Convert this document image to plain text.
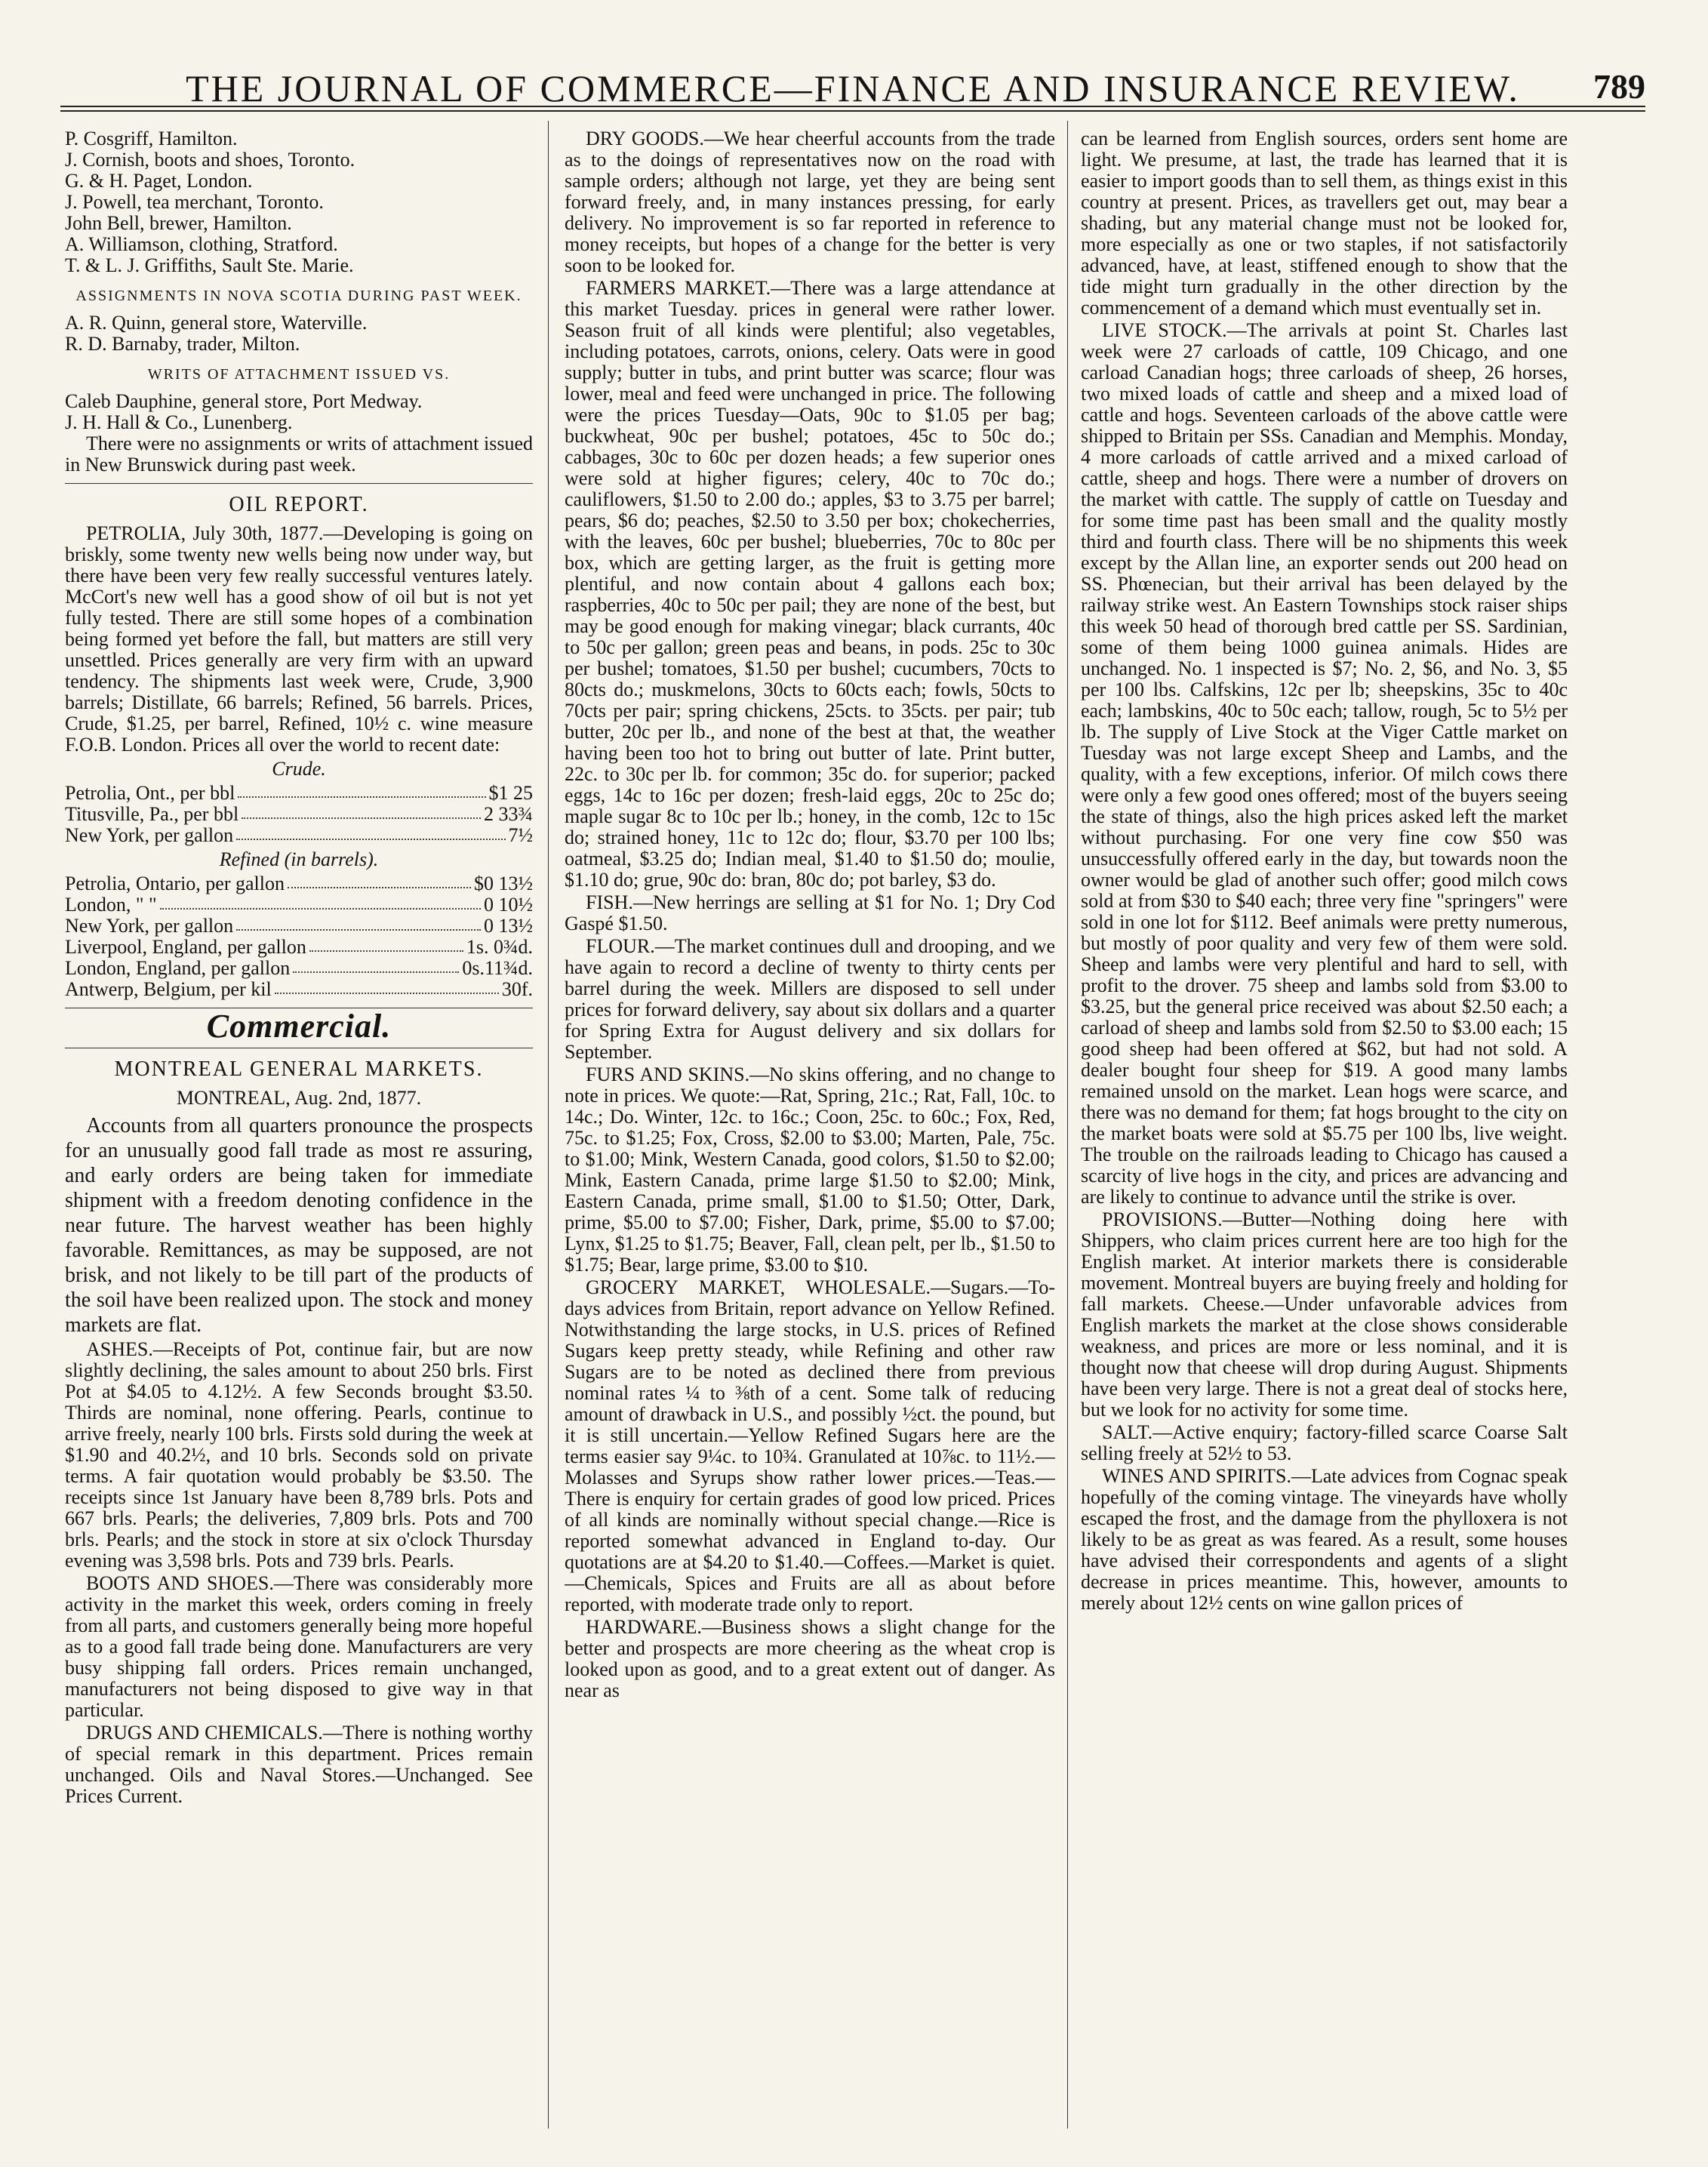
THE JOURNAL OF COMMERCE—FINANCE AND INSURANCE REVIEW.	789
P. Cosgriff, Hamilton.
J. Cornish, boots and shoes, Toronto.
G. & H. Paget, London.
J. Powell, tea merchant, Toronto.
John Bell, brewer, Hamilton.
A. Williamson, clothing, Stratford.
T. & L. J. Griffiths, Sault Ste. Marie.
ASSIGNMENTS IN NOVA SCOTIA DURING PAST WEEK.
A. R. Quinn, general store, Waterville.
R. D. Barnaby, trader, Milton.
WRITS OF ATTACHMENT ISSUED VS.
Caleb Dauphine, general store, Port Medway.
J. H. Hall & Co., Lunenberg.

There were no assignments or writs of attachment issued in New Brunswick during past week.

OIL REPORT.

PETROLIA, July 30th, 1877.—Developing is going on briskly, some twenty new wells being now under way, but there have been very few really successful ventures lately. McCort's new well has a good show of oil but is not yet fully tested. There are still some hopes of a combination being formed yet before the fall, but matters are still very unsettled. Prices generally are very firm with an upward tendency. The shipments last week were, Crude, 3,900 barrels; Distillate, 66 barrels; Refined, 56 barrels. Prices, Crude, $1.25, per barrel, Refined, 10½ c. wine measure F.O.B. London. Prices all over the world to recent date:

Crude.
Petrolia, Ont., per bbl	$1 25
Titusville, Pa., per bbl	2 33¾
New York, per gallon	7½
Refined (in barrels).
Petrolia, Ontario, per gallon	$0 13½
London, " "	0 10½
New York, per gallon	0 13½
Liverpool, England, per gallon	1s. 0¾d.
London, England, per gallon	0s.11¾d.
Antwerp, Belgium, per kil	30f.
Commercial.
MONTREAL GENERAL MARKETS.
MONTREAL, Aug. 2nd, 1877.

Accounts from all quarters pronounce the prospects for an unusually good fall trade as most re assuring, and early orders are being taken for immediate shipment with a freedom denoting confidence in the near future. The harvest weather has been highly favorable. Remittances, as may be supposed, are not brisk, and not likely to be till part of the products of the soil have been realized upon. The stock and money markets are flat.

ASHES.—Receipts of Pot, continue fair, but are now slightly declining, the sales amount to about 250 brls. First Pot at $4.05 to 4.12½. A few Seconds brought $3.50. Thirds are nominal, none offering. Pearls, continue to arrive freely, nearly 100 brls. Firsts sold during the week at $1.90 and 40.2½, and 10 brls. Seconds sold on private terms. A fair quotation would probably be $3.50. The receipts since 1st January have been 8,789 brls. Pots and 667 brls. Pearls; the deliveries, 7,809 brls. Pots and 700 brls. Pearls; and the stock in store at six o'clock Thursday evening was 3,598 brls. Pots and 739 brls. Pearls.

BOOTS AND SHOES.—There was considerably more activity in the market this week, orders coming in freely from all parts, and customers generally being more hopeful as to a good fall trade being done. Manufacturers are very busy shipping fall orders. Prices remain unchanged, manufacturers not being disposed to give way in that particular.

DRUGS AND CHEMICALS.—There is nothing worthy of special remark in this department. Prices remain unchanged. Oils and Naval Stores.—Unchanged. See Prices Current.

DRY GOODS.—We hear cheerful accounts from the trade as to the doings of representatives now on the road with sample orders; although not large, yet they are being sent forward freely, and, in many instances pressing, for early delivery. No improvement is so far reported in reference to money receipts, but hopes of a change for the better is very soon to be looked for.

FARMERS MARKET.—There was a large attendance at this market Tuesday. prices in general were rather lower. Season fruit of all kinds were plentiful; also vegetables, including potatoes, carrots, onions, celery. Oats were in good supply; butter in tubs, and print butter was scarce; flour was lower, meal and feed were unchanged in price. The following were the prices Tuesday—Oats, 90c to $1.05 per bag; buckwheat, 90c per bushel; potatoes, 45c to 50c do.; cabbages, 30c to 60c per dozen heads; a few superior ones were sold at higher figures; celery, 40c to 70c do.; cauliflowers, $1.50 to 2.00 do.; apples, $3 to 3.75 per barrel; pears, $6 do; peaches, $2.50 to 3.50 per box; chokecherries, with the leaves, 60c per bushel; blueberries, 70c to 80c per box, which are getting larger, as the fruit is getting more plentiful, and now contain about 4 gallons each box; raspberries, 40c to 50c per pail; they are none of the best, but may be good enough for making vinegar; black currants, 40c to 50c per gallon; green peas and beans, in pods. 25c to 30c per bushel; tomatoes, $1.50 per bushel; cucumbers, 70cts to 80cts do.; muskmelons, 30cts to 60cts each; fowls, 50cts to 70cts per pair; spring chickens, 25cts. to 35cts. per pair; tub butter, 20c per lb., and none of the best at that, the weather having been too hot to bring out butter of late. Print butter, 22c. to 30c per lb. for common; 35c do. for superior; packed eggs, 14c to 16c per dozen; fresh-laid eggs, 20c to 25c do; maple sugar 8c to 10c per lb.; honey, in the comb, 12c to 15c do; strained honey, 11c to 12c do; flour, $3.70 per 100 lbs; oatmeal, $3.25 do; Indian meal, $1.40 to $1.50 do; moulie, $1.10 do; grue, 90c do: bran, 80c do; pot barley, $3 do.

FISH.—New herrings are selling at $1 for No. 1; Dry Cod Gaspé $1.50.

FLOUR.—The market continues dull and drooping, and we have again to record a decline of twenty to thirty cents per barrel during the week. Millers are disposed to sell under prices for forward delivery, say about six dollars and a quarter for Spring Extra for August delivery and six dollars for September.

FURS AND SKINS.—No skins offering, and no change to note in prices. We quote:—Rat, Spring, 21c.; Rat, Fall, 10c. to 14c.; Do. Winter, 12c. to 16c.; Coon, 25c. to 60c.; Fox, Red, 75c. to $1.25; Fox, Cross, $2.00 to $3.00; Marten, Pale, 75c. to $1.00; Mink, Western Canada, good colors, $1.50 to $2.00; Mink, Eastern Canada, prime large $1.50 to $2.00; Mink, Eastern Canada, prime small, $1.00 to $1.50; Otter, Dark, prime, $5.00 to $7.00; Fisher, Dark, prime, $5.00 to $7.00; Lynx, $1.25 to $1.75; Beaver, Fall, clean pelt, per lb., $1.50 to $1.75; Bear, large prime, $3.00 to $10.

GROCERY MARKET, WHOLESALE.—Sugars.—To-days advices from Britain, report advance on Yellow Refined. Notwithstanding the large stocks, in U.S. prices of Refined Sugars keep pretty steady, while Refining and other raw Sugars are to be noted as declined there from previous nominal rates ¼ to ⅜th of a cent. Some talk of reducing amount of drawback in U.S., and possibly ½ct. the pound, but it is still uncertain.—Yellow Refined Sugars here are the terms easier say 9¼c. to 10¾. Granulated at 10⅞c. to 11½.—Molasses and Syrups show rather lower prices.—Teas.—There is enquiry for certain grades of good low priced. Prices of all kinds are nominally without special change.—Rice is reported somewhat advanced in England to-day. Our quotations are at $4.20 to $1.40.—Coffees.—Market is quiet.—Chemicals, Spices and Fruits are all as about before reported, with moderate trade only to report.

HARDWARE.—Business shows a slight change for the better and prospects are more cheering as the wheat crop is looked upon as good, and to a great extent out of danger. As near as

can be learned from English sources, orders sent home are light. We presume, at last, the trade has learned that it is easier to import goods than to sell them, as things exist in this country at present. Prices, as travellers get out, may bear a shading, but any material change must not be looked for, more especially as one or two staples, if not satisfactorily advanced, have, at least, stiffened enough to show that the tide might turn gradually in the other direction by the commencement of a demand which must eventually set in.

LIVE STOCK.—The arrivals at point St. Charles last week were 27 carloads of cattle, 109 Chicago, and one carload Canadian hogs; three carloads of sheep, 26 horses, two mixed loads of cattle and sheep and a mixed load of cattle and hogs. Seventeen carloads of the above cattle were shipped to Britain per SSs. Canadian and Memphis. Monday, 4 more carloads of cattle arrived and a mixed carload of cattle, sheep and hogs. There were a number of drovers on the market with cattle. The supply of cattle on Tuesday and for some time past has been small and the quality mostly third and fourth class. There will be no shipments this week except by the Allan line, an exporter sends out 200 head on SS. Phœnecian, but their arrival has been delayed by the railway strike west. An Eastern Townships stock raiser ships this week 50 head of thorough bred cattle per SS. Sardinian, some of them being 1000 guinea animals. Hides are unchanged. No. 1 inspected is $7; No. 2, $6, and No. 3, $5 per 100 lbs. Calfskins, 12c per lb; sheepskins, 35c to 40c each; lambskins, 40c to 50c each; tallow, rough, 5c to 5½ per lb. The supply of Live Stock at the Viger Cattle market on Tuesday was not large except Sheep and Lambs, and the quality, with a few exceptions, inferior. Of milch cows there were only a few good ones offered; most of the buyers seeing the state of things, also the high prices asked left the market without purchasing. For one very fine cow $50 was unsuccessfully offered early in the day, but towards noon the owner would be glad of another such offer; good milch cows sold at from $30 to $40 each; three very fine "springers" were sold in one lot for $112. Beef animals were pretty numerous, but mostly of poor quality and very few of them were sold. Sheep and lambs were very plentiful and hard to sell, with profit to the drover. 75 sheep and lambs sold from $3.00 to $3.25, but the general price received was about $2.50 each; a carload of sheep and lambs sold from $2.50 to $3.00 each; 15 good sheep had been offered at $62, but had not sold. A dealer bought four sheep for $19. A good many lambs remained unsold on the market. Lean hogs were scarce, and there was no demand for them; fat hogs brought to the city on the market boats were sold at $5.75 per 100 lbs, live weight. The trouble on the railroads leading to Chicago has caused a scarcity of live hogs in the city, and prices are advancing and are likely to continue to advance until the strike is over.

PROVISIONS.—Butter—Nothing doing here with Shippers, who claim prices current here are too high for the English market. At interior markets there is considerable movement. Montreal buyers are buying freely and holding for fall markets. Cheese.—Under unfavorable advices from English markets the market at the close shows considerable weakness, and prices are more or less nominal, and it is thought now that cheese will drop during August. Shipments have been very large. There is not a great deal of stocks here, but we look for no activity for some time.

SALT.—Active enquiry; factory-filled scarce Coarse Salt selling freely at 52½ to 53.

WINES AND SPIRITS.—Late advices from Cognac speak hopefully of the coming vintage. The vineyards have wholly escaped the frost, and the damage from the phylloxera is not likely to be as great as was feared. As a result, some houses have advised their correspondents and agents of a slight decrease in prices meantime. This, however, amounts to merely about 12½ cents on wine gallon prices of
